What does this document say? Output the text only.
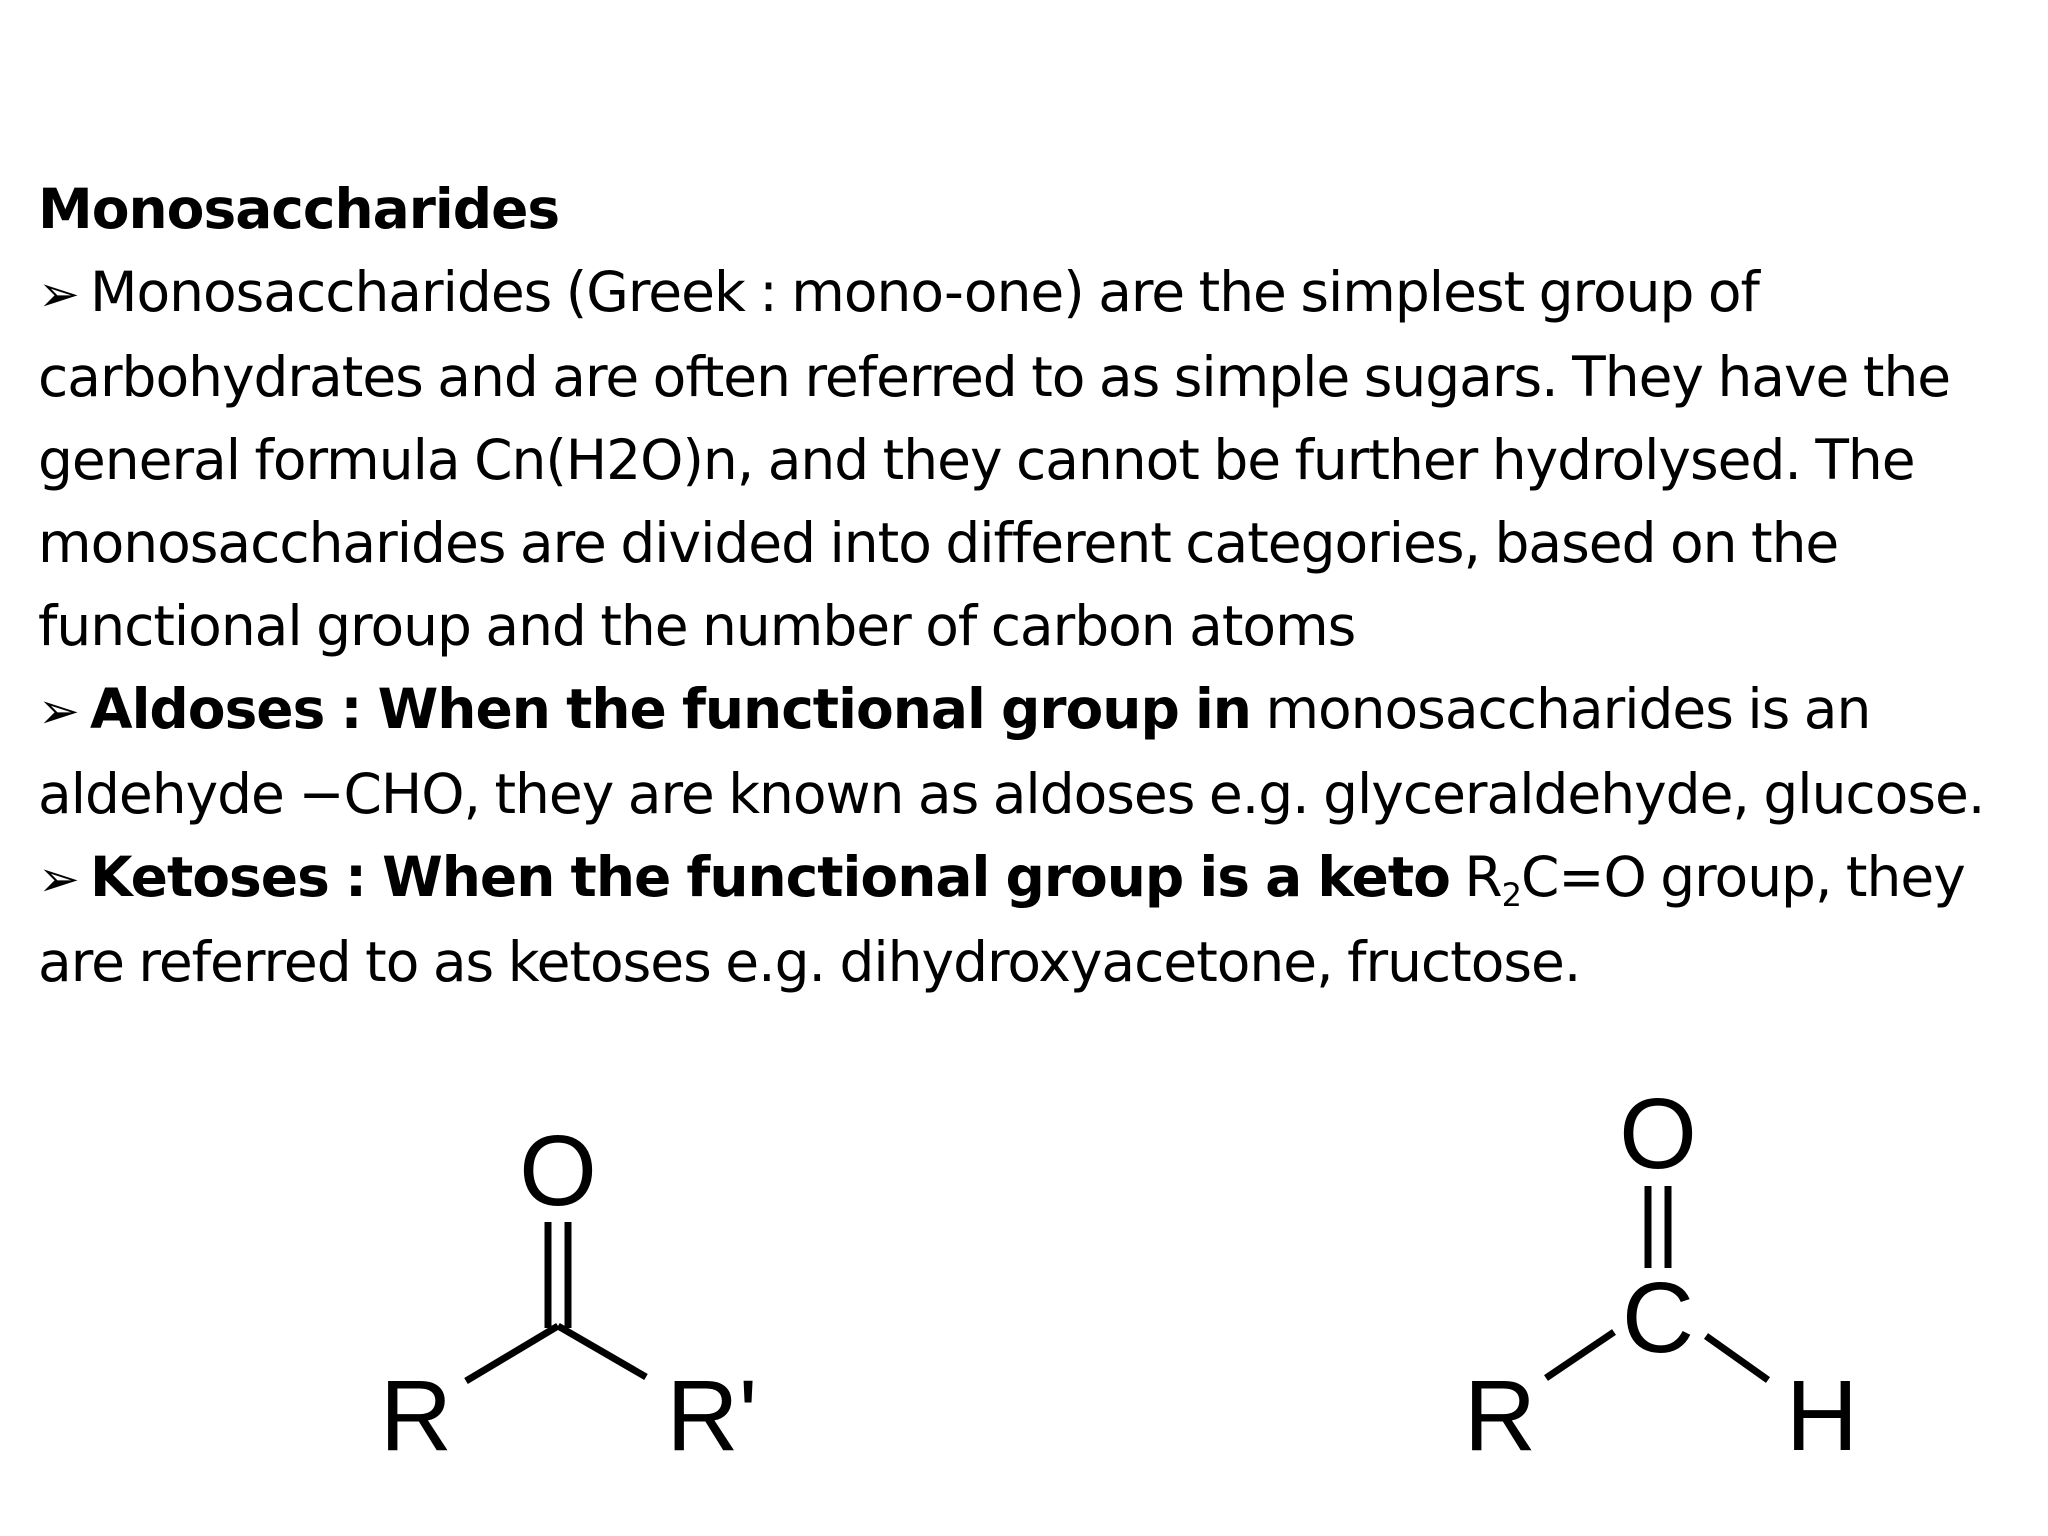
Monosaccharides

➢ Monosaccharides (Greek : mono-one) are the simplest group of carbohydrates and are often referred to as simple sugars. They have the general formula Cn(H2O)n, and they cannot be further hydrolysed. The monosaccharides are divided into different categories, based on the functional group and the number of carbon atoms

➢ Aldoses : When the functional group in monosaccharides is an aldehyde −CHO, they are known as aldoses e.g. glyceraldehyde, glucose.

➢ Ketoses : When the functional group is a keto $R_2C=O$ group, they are referred to as ketoses e.g. dihydroxyacetone, fructose.

O
R R'
O
C
R H
